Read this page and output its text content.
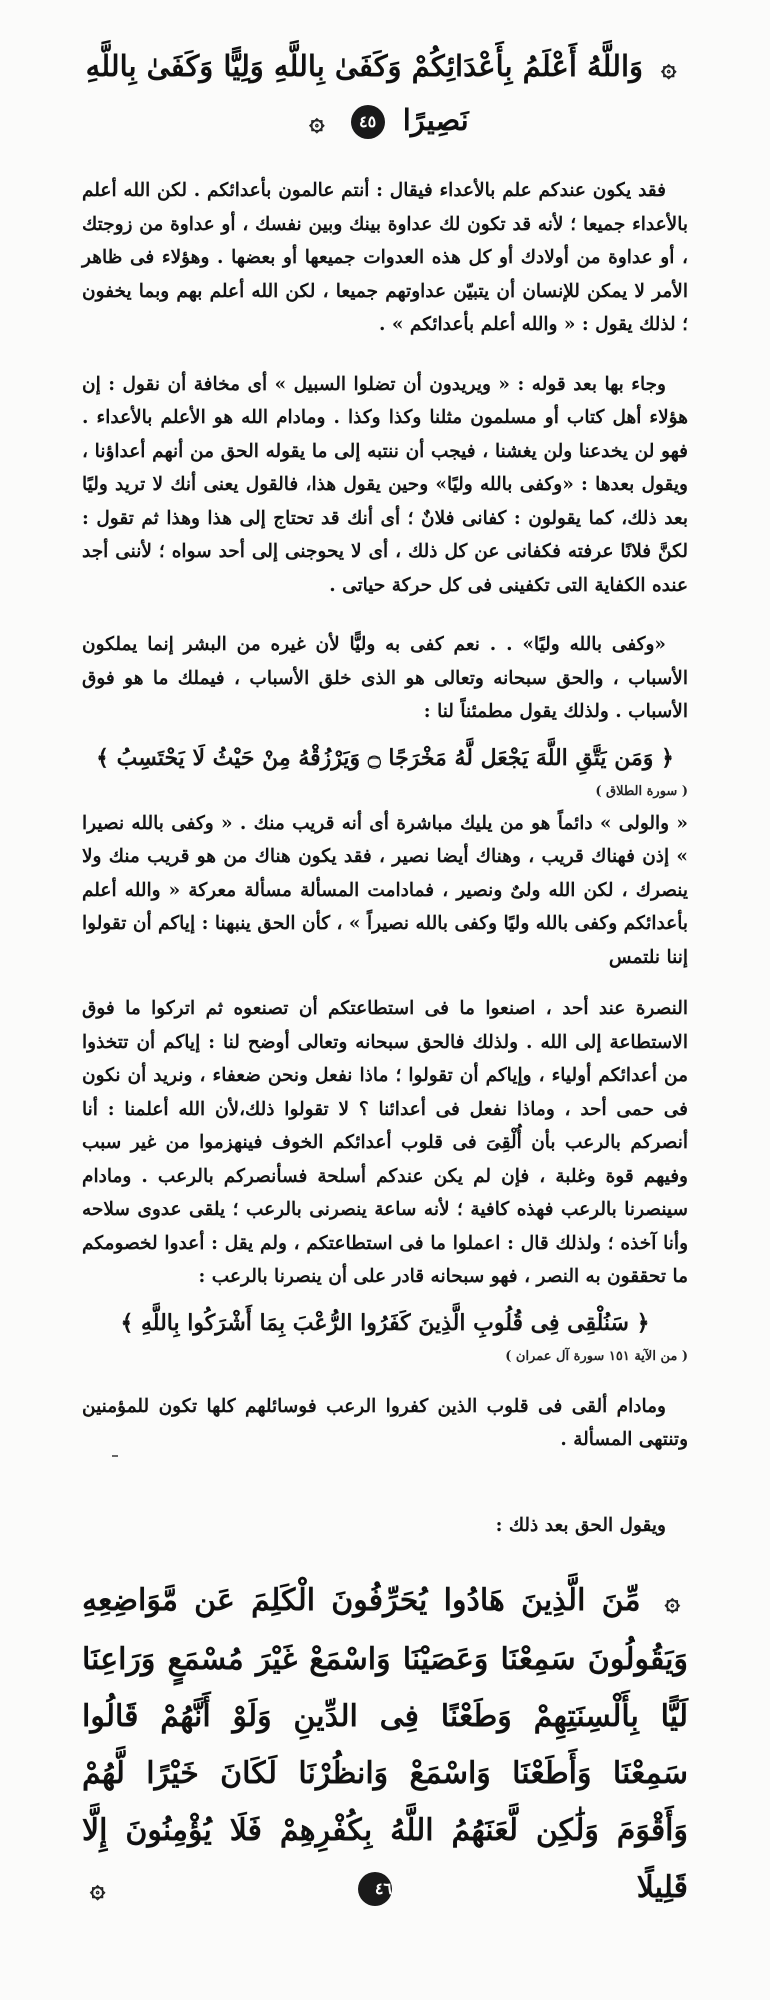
۞ وَاللَّهُ أَعْلَمُ بِأَعْدَائِكُمْ وَكَفَىٰ بِاللَّهِ وَلِيًّا وَكَفَىٰ بِاللَّهِ نَصِيرًا ٤٥ ۞

فقد يكون عندكم علم بالأعداء فيقال : أنتم عالمون بأعدائكم . لكن الله أعلم بالأعداء جميعا ؛ لأنه قد تكون لك عداوة بينك وبين نفسك ، أو عداوة من زوجتك ، أو عداوة من أولادك أو كل هذه العدوات جميعها أو بعضها . وهؤلاء فى ظاهر الأمر لا يمكن للإنسان أن يتبيّن عداوتهم جميعا ، لكن الله أعلم بهم وبما يخفون ؛ لذلك يقول : « والله أعلم بأعدائكم » .

وجاء بها بعد قوله : « ويريدون أن تضلوا السبيل » أى مخافة أن نقول : إن هؤلاء أهل كتاب أو مسلمون مثلنا وكذا وكذا . ومادام الله هو الأعلم بالأعداء . فهو لن يخدعنا ولن يغشنا ، فيجب أن ننتبه إلى ما يقوله الحق من أنهم أعداؤنا ، ويقول بعدها : «وكفى بالله وليًا» وحين يقول هذا، فالقول يعنى أنك لا تريد وليًا بعد ذلك، كما يقولون : كفانى فلانٌ ؛ أى أنك قد تحتاج إلى هذا وهذا ثم تقول : لكنَّ فلانًا عرفته فكفانى عن كل ذلك ، أى لا يحوجنى إلى أحد سواه ؛ لأننى أجد عنده الكفاية التى تكفينى فى كل حركة حياتى .

«وكفى بالله وليًا» . . نعم كفى به وليًّا لأن غيره من البشر إنما يملكون الأسباب ، والحق سبحانه وتعالى هو الذى خلق الأسباب ، فيملك ما هو فوق الأسباب . ولذلك يقول مطمئناً لنا :

﴿ وَمَن يَتَّقِ اللَّهَ يَجْعَل لَّهُ مَخْرَجًا ۝ وَيَرْزُقْهُ مِنْ حَيْثُ لَا يَحْتَسِبُ ﴾
( سورة الطلاق )

« والولى » دائماً هو من يليك مباشرة أى أنه قريب منك . « وكفى بالله نصيرا » إذن فهناك قريب ، وهناك أيضا نصير ، فقد يكون هناك من هو قريب منك ولا ينصرك ، لكن الله ولىٌ ونصير ، فمادامت المسألة مسألة معركة « والله أعلم بأعدائكم وكفى بالله وليًا وكفى بالله نصيراً » ، كأن الحق ينبهنا : إياكم أن تقولوا إننا نلتمس

النصرة عند أحد ، اصنعوا ما فى استطاعتكم أن تصنعوه ثم اتركوا ما فوق الاستطاعة إلى الله . ولذلك فالحق سبحانه وتعالى أوضح لنا : إياكم أن تتخذوا من أعدائكم أولياء ، وإياكم أن تقولوا ؛ ماذا نفعل ونحن ضعفاء ، ونريد أن نكون فى حمى أحد ، وماذا نفعل فى أعدائنا ؟ لا تقولوا ذلك،لأن الله أعلمنا : أنا أنصركم بالرعب بأن أُلْقِىَ فى قلوب أعدائكم الخوف فينهزموا من غير سبب وفيهم قوة وغلبة ، فإن لم يكن عندكم أسلحة فسأنصركم بالرعب . ومادام سينصرنا بالرعب فهذه كافية ؛ لأنه ساعة ينصرنى بالرعب ؛ يلقى عدوى سلاحه وأنا آخذه ؛ ولذلك قال : اعملوا ما فى استطاعتكم ، ولم يقل : أعدوا لخصومكم ما تحققون به النصر ، فهو سبحانه قادر على أن ينصرنا بالرعب :

﴿ سَنُلْقِى فِى قُلُوبِ الَّذِينَ كَفَرُوا الرُّعْبَ بِمَا أَشْرَكُوا بِاللَّهِ ﴾
( من الآية ١٥١ سورة آل عمران )

ومادام ألقى فى قلوب الذين كفروا الرعب فوسائلهم كلها تكون للمؤمنين وتنتهى المسألة .

ويقول الحق بعد ذلك :

۞ مِّنَ الَّذِينَ هَادُوا يُحَرِّفُونَ الْكَلِمَ عَن مَّوَاضِعِهِ وَيَقُولُونَ سَمِعْنَا وَعَصَيْنَا وَاسْمَعْ غَيْرَ مُسْمَعٍ وَرَاعِنَا لَيًّا بِأَلْسِنَتِهِمْ وَطَعْنًا فِى الدِّينِ وَلَوْ أَنَّهُمْ قَالُوا سَمِعْنَا وَأَطَعْنَا وَاسْمَعْ وَانظُرْنَا لَكَانَ خَيْرًا لَّهُمْ وَأَقْوَمَ وَلَٰكِن لَّعَنَهُمُ اللَّهُ بِكُفْرِهِمْ فَلَا يُؤْمِنُونَ إِلَّا قَلِيلًا ٤٦ ۞
